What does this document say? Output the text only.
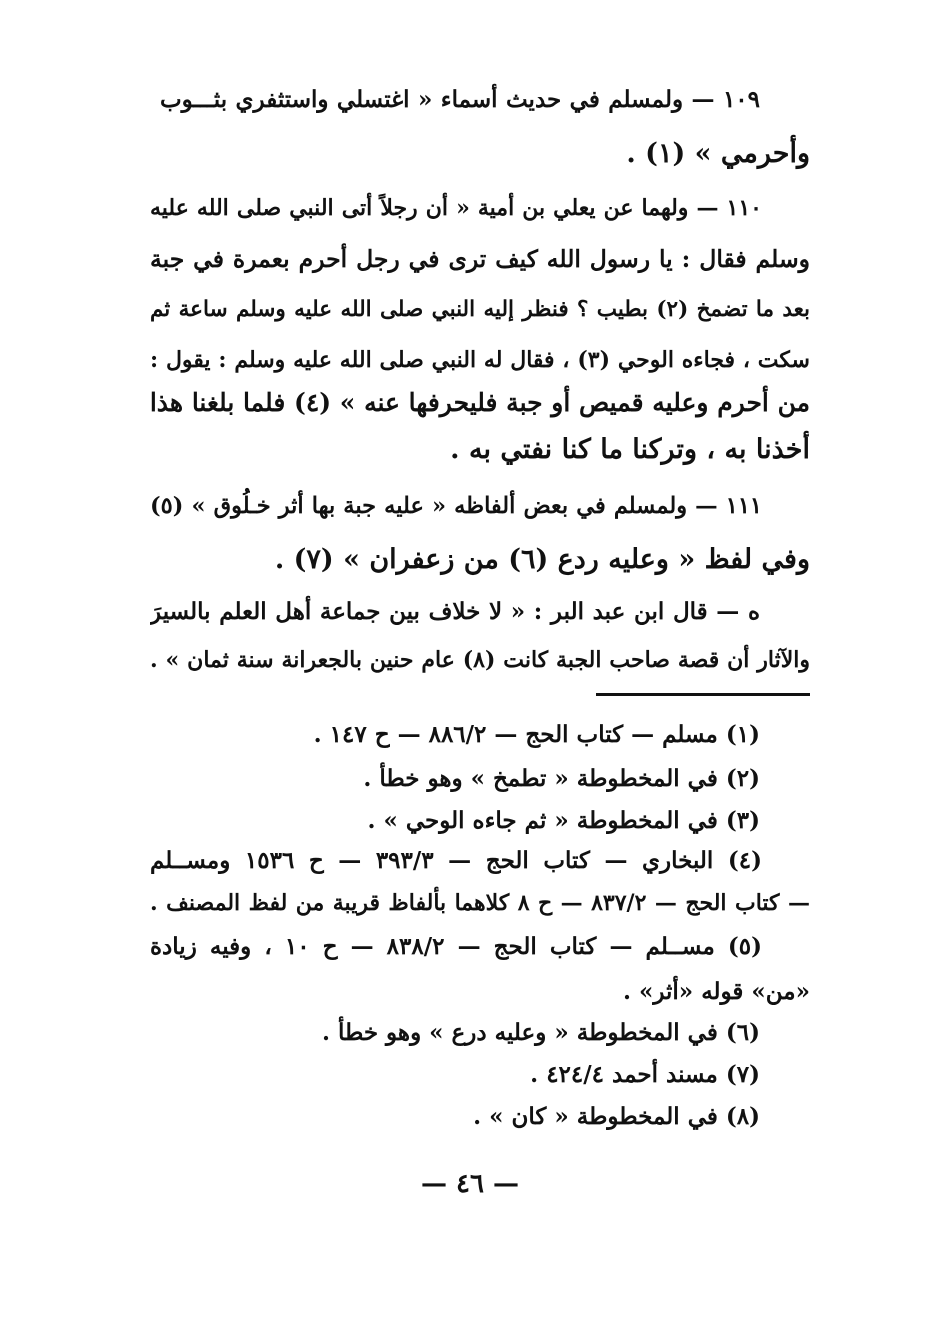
١٠٩ — ولمسلم في حديث أسماء « اغتسلي واستثفري بثـــوب
وأحرمي » (١) .
١١٠ — ولهما عن يعلي بن أمية « أن رجلاً أتى النبي صلى الله عليه
وسلم فقال : يا رسول الله كيف ترى في رجل أحرم بعمرة في جبة
بعد ما تضمخ (٢) بطيب ؟ فنظر إليه النبي صلى الله عليه وسلم ساعة ثم
سكت ، فجاءه الوحي (٣) ، فقال له النبي صلى الله عليه وسلم : يقول :
من أحرم وعليه قميص أو جبة فليحرفها عنه » (٤) فلما بلغنا هذا
أخذنا به ، وتركنا ما كنا نفتي به .
١١١ — ولمسلم في بعض ألفاظه « عليه جبة بها أثر خـلُوق » (٥)
وفي لفظ « وعليه ردع (٦) من زعفران » (٧) .
ه — قال ابن عبد البر : « لا خلاف بين جماعة أهل العلم بالسيرَ
والآثار أن قصة صاحب الجبة كانت (٨) عام حنين بالجعرانة سنة ثمان » .
(١) مسلم — كتاب الحج — ٨٨٦/٢ — ح ١٤٧ .
(٢) في المخطوطة « تطمخ » وهو خطأ .
(٣) في المخطوطة « ثم جاءه الوحي » .
(٤) البخاري — كتاب الحج — ٣٩٣/٣ — ح ١٥٣٦ ومســلم
— كتاب الحج — ٨٣٧/٢ — ح ٨ كلاهما بألفاظ قريبة من لفظ المصنف .
(٥) مســلم — كتاب الحج — ٨٣٨/٢ — ح ١٠ ، وفيه زيادة
«من» قوله «أثر» .
(٦) في المخطوطة « وعليه درع » وهو خطأ .
(٧) مسند أحمد ٤٢٤/٤ .
(٨) في المخطوطة « كان » .
— ٤٦ —
